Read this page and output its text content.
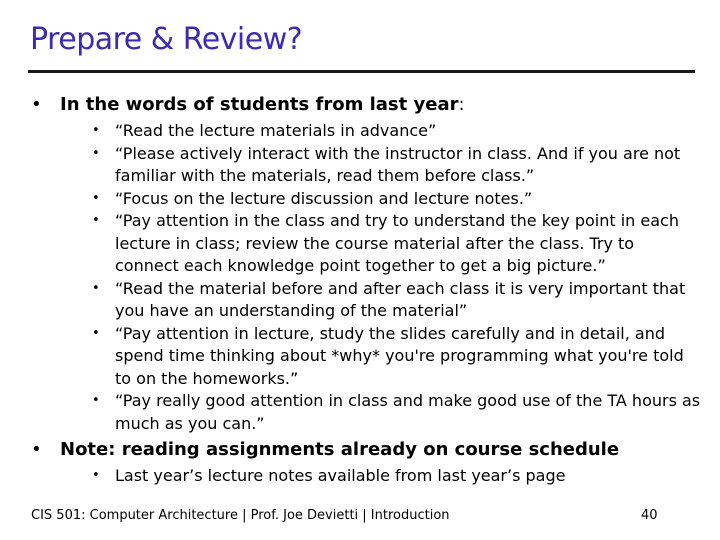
Prepare & Review?
• In the words of students from last year:
• “Read the lecture materials in advance”
• “Please actively interact with the instructor in class. And if you are not familiar with the materials, read them before class.”
• “Focus on the lecture discussion and lecture notes.”
• “Pay attention in the class and try to understand the key point in each lecture in class; review the course material after the class. Try to connect each knowledge point together to get a big picture.”
• “Read the material before and after each class it is very important that you have an understanding of the material”
• “Pay attention in lecture, study the slides carefully and in detail, and spend time thinking about *why* you're programming what you're told to on the homeworks.”
• “Pay really good attention in class and make good use of the TA hours as much as you can.”
• Note: reading assignments already on course schedule
• Last year’s lecture notes available from last year’s page
CIS 501: Computer Architecture | Prof. Joe Devietti | Introduction	40
